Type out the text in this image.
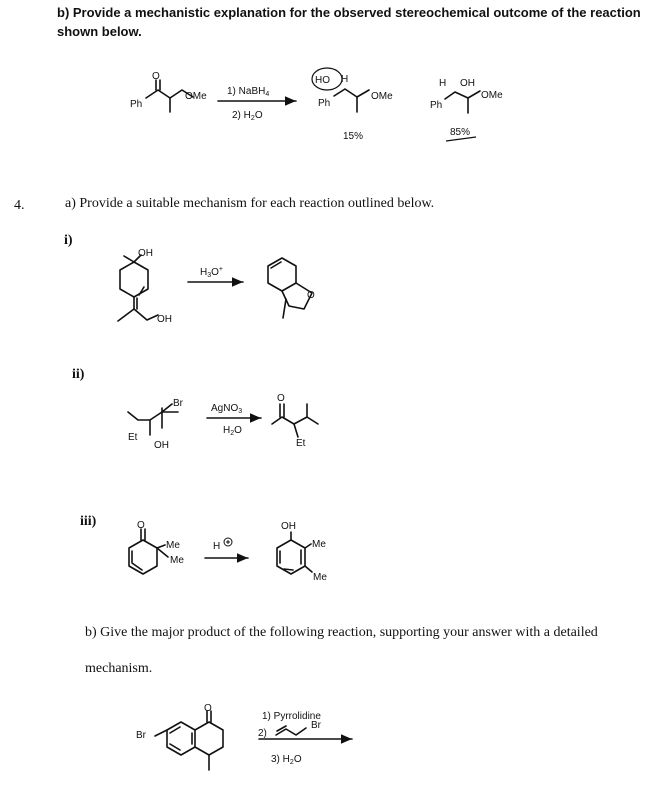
b) Provide a mechanistic explanation for the observed stereochemical outcome of the reaction
shown below.
4.	a) Provide a suitable mechanism for each reaction outlined below.
i)
ii)
iii)
b) Give the major product of the following reaction, supporting your answer with a detailed
mechanism.
O
Ph
OMe 1) NaBH$_4$
2) $H_2O$
HO H
Ph
OMe
15%
H OH
Ph
OMe
85%
OH
OH
$H_3O^+$
O
Br
Et
OH
AgNO$_3$
$H_2O$
O
Et
O
Me
Me
H
OH
Me
Me
O
Br
1) Pyrrolidine
2)
Br
3) $H_2O$
